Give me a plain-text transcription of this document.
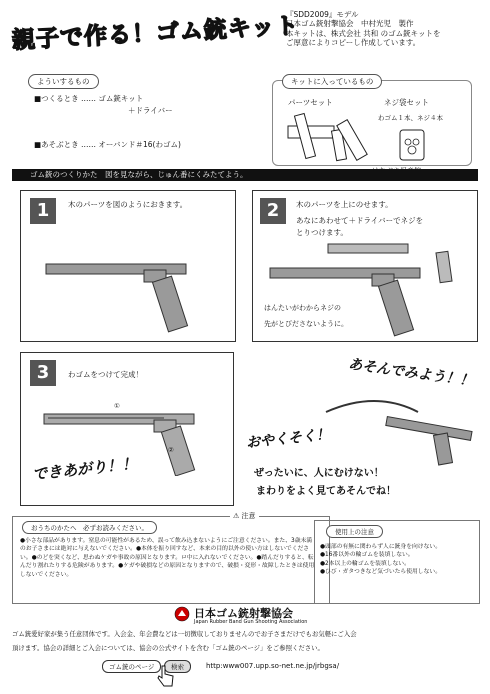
親子で作る！ゴム銃キット
『SDD2009』モデル
日本ゴム銃射撃協会　中村光児　製作
本キットは、株式会社 共和 のゴム銃キットを
ご厚意によりコピーし作成しています。
よういするもの
■つくるとき …… ゴム銃キット
＋ドライバー
■あそぶとき …… オーバンド＃16(わゴム)
キットに入っているもの
パーツセット	ネジ袋セット
わゴム１本、ネジ４本
ゴム銃のつくりかた　図を見ながら、じゅん番にくみたてよう。
1	木のパーツを図のようにおきます。	2	木のパーツを上にのせます。
あなにあわせて＋ドライバーでネジを
とりつけます。
はんたいがわからネジの
先がとびださないように。
3	わゴムをつけて完成！
①
②
できあがり！！
あそんでみよう！！
おやくそく！
ぜったいに、人にむけない！
まわりをよく見てあそんでね！
⚠ 注意
おうちのかたへ　必ずお読みください。
●小さな部品があります。窒息の可能性があるため、誤って飲み込まないようにご注意ください。また、3歳未満のお子さまには絶対に与えないでください。●本体を振り回すなど、本来の目的以外の使い方はしないでください。●のどを突くなど、思わぬケガや事故の原因となります。ロ中に入れないでください。●踏んだりすると、転んだり割れたりする危険があります。●ケガや破損などの原因となりますので、破損・変形・故障したときは使用しないでください。
使用上の注意
●頭部の有無に関わらず人に銃身を向けない。
●16番以外の輪ゴムを装填しない。
●2本以上の輪ゴムを装填しない。
●ひび・ガタつきなど気づいたら使用しない。
日本ゴム銃射撃協会
Japan Rubber Band Gun Shooting Association
ゴム銃愛好家が集う任意団体です。入会金、年会費などは一切徴収しておりませんのでお子さまだけでもお気軽にご入会
頂けます。協会の詳細とご入会については、協会の公式サイトを含む「ゴム銃のページ」をご参照ください。
ゴム銃のページ	検索	http:www007.upp.so-net.ne.jp/jrbgsa/
